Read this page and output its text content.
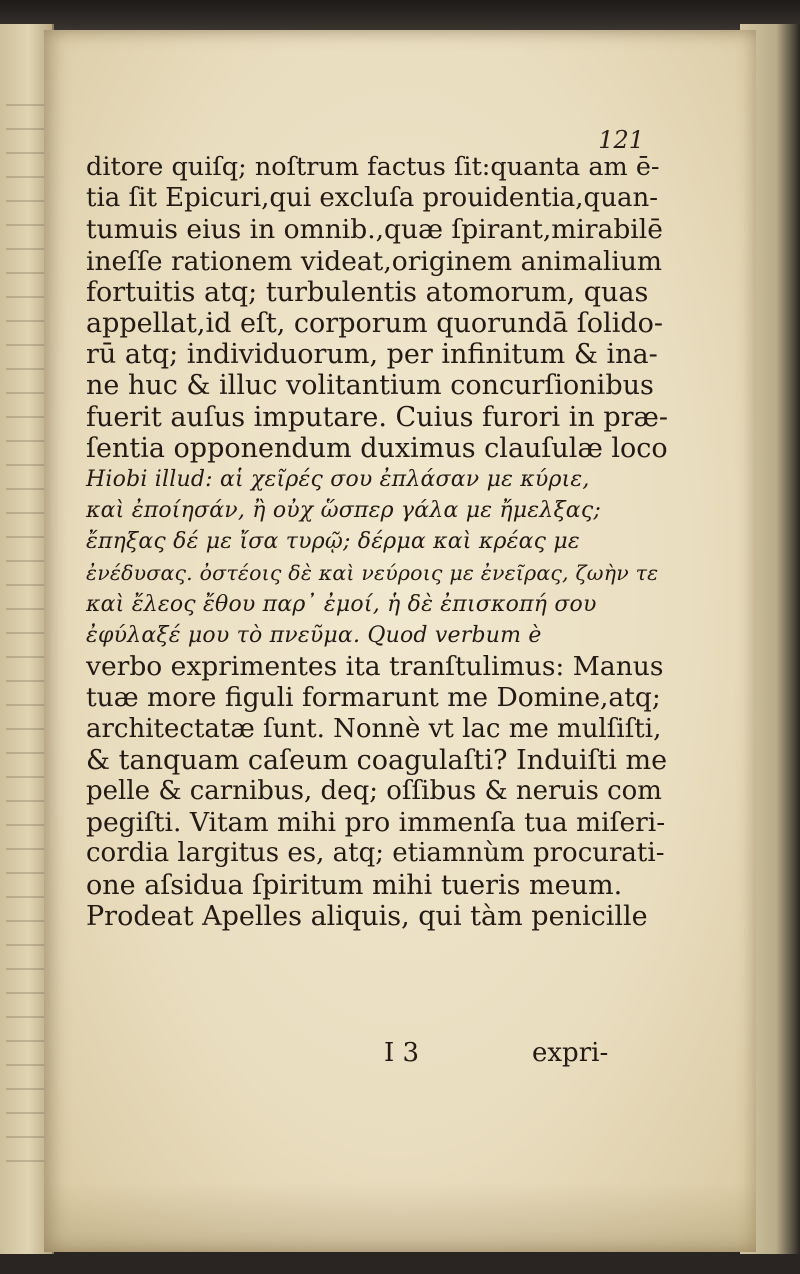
121
ditore quiſq; noſtrum factus ſit:quanta am ē-
tia ſit Epicuri,qui excluſa prouidentia,quan-
tumuis eius in omnib.,quæ ſpirant,mirabilē
ineſſe rationem videat,originem animalium
fortuitis atq; turbulentis atomorum, quas
appellat,id eſt, corporum quorundā ſolido-
rū atq; individuorum, per infinitum & ina-
ne huc & illuc volitantium concurſionibus
fuerit auſus imputare. Cuius furori in præ-
ſentia opponendum duximus clauſulæ loco
Hiobi illud: αἱ χεῖρές σου ἐπλάσαν με κύριε,
καὶ ἐποίησάν, ἢ οὐχ ὥσπερ γάλα με ἤμελξας;
ἔπηξας δέ με ἴσα τυρῷ; δέρμα καὶ κρέας με
ἐνέδυσας. ὀστέοις δὲ καὶ νεύροις με ἐνεῖρας, ζωὴν τε
καὶ ἔλεος ἔθου παρ᾽ ἐμοί, ἡ δὲ ἐπισκοπή σου
ἐφύλαξέ μου τὸ πνεῦμα. Quod verbum è
verbo exprimentes ita tranſtulimus: Manus
tuæ more figuli formarunt me Domine,atq;
architectatæ ſunt. Nonnè vt lac me mulſiſti,
& tanquam caſeum coagulaſti? Induiſti me
pelle & carnibus, deq; oſſibus & neruis com
pegiſti. Vitam mihi pro immenſa tua miſeri-
cordia largitus es, atq; etiamnùm procurati-
one aſsidua ſpiritum mihi tueris meum.
Prodeat Apelles aliquis, qui tàm penicille
I 3	expri-
